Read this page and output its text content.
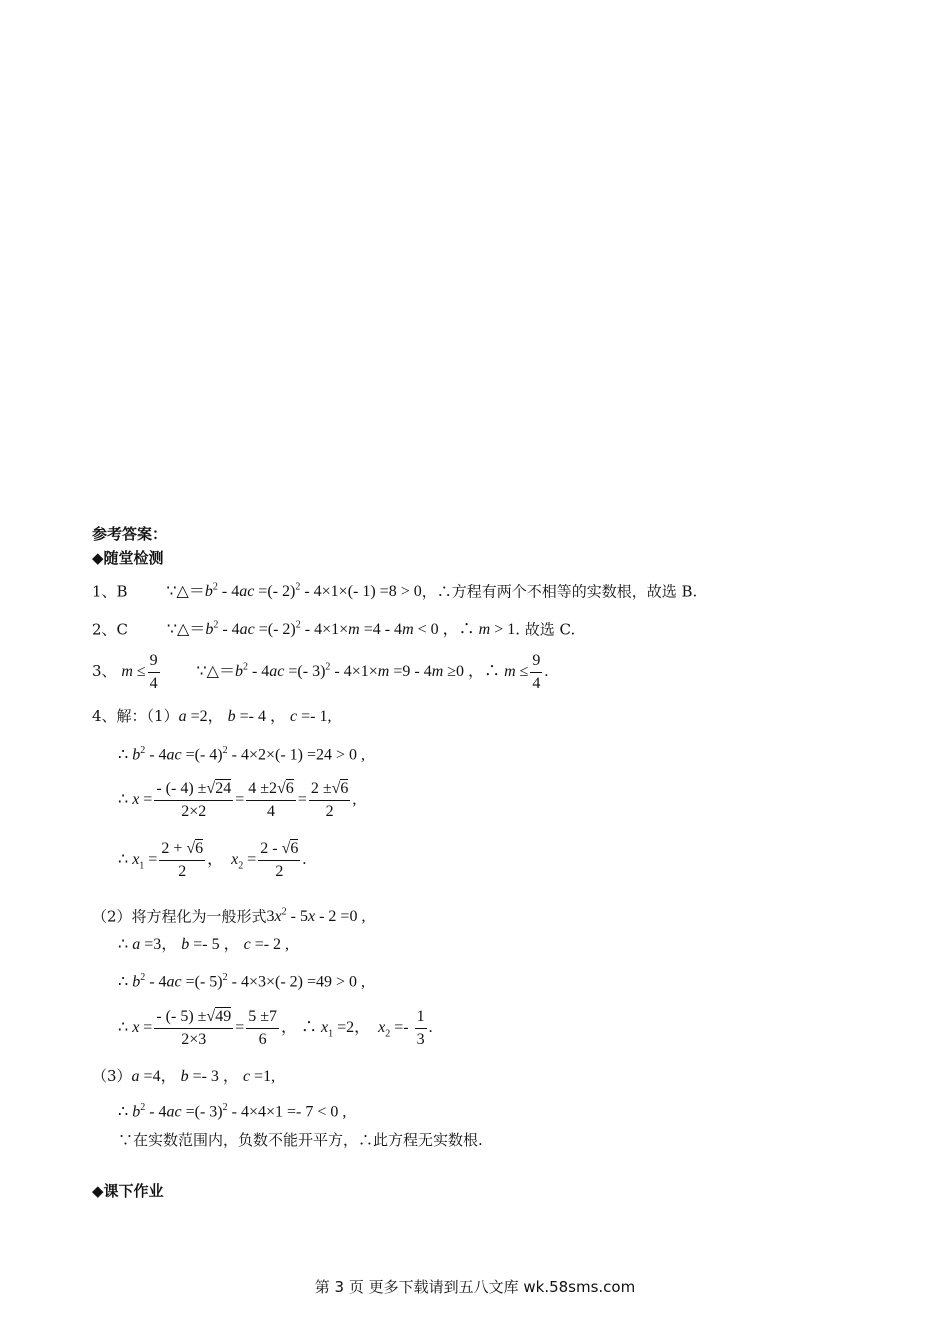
参考答案：
◆随堂检测
1、B $\because\triangle=b^2 - 4ac$ =(- 2)$^2$ - 4×1×(- 1) =8 > 0，∴方程有两个不相等的实数根，故选 B.
2、C $\because\triangle=b^2 - 4ac$ =(- 2)$^2$ - 4×1×m =4 - 4m < 0 ，∴ m > 1. 故选 C.
3、 $m \le \frac{9}{4}$ $\because\triangle=b^2 - 4ac$ =(- 3)$^2$ - 4×1×m =9 - 4m ≥0 ，∴ $m \le \frac{9}{4}$ .
4、解：（1）a =2， b =- 4 ， c =- 1,
∴ $b^2 - 4ac$ =(- 4)$^2$ - 4×2×(- 1) =24 > 0 ,
∴ $x = \frac{- (- 4) \pm√24}{2\times 2} = \frac{4 \pm 2√6}{4} = \frac{2 \pm√6}{2}$ ,
∴ $x_1 = \frac{2 + √6}{2}$ ，  $x_2 = \frac{2 - √6}{2}$ .
（2）将方程化为一般形式$3x^2 - 5x - 2 =0$ ,
∴ a =3， b =- 5 ， c =- 2 ,
∴ $b^2 - 4ac$ =(- 5)$^2$ - 4×3×(- 2) =49 > 0 ,
∴ $x = \frac{- (- 5) \pm√49}{2\times 3} = \frac{5 \pm 7}{6}$ ， ∴ $x_1 =2$，  $x_2 =- \frac{1}{3}$ .
（3）a =4， b =- 3 ， c =1,
∴ $b^2 - 4ac$ =(- 3)$^2$ - 4×4×1 =- 7 < 0 ,
∵在实数范围内，负数不能开平方，∴此方程无实数根.
◆课下作业
第 3 页 更多下载请到五八文库 wk.58sms.com
